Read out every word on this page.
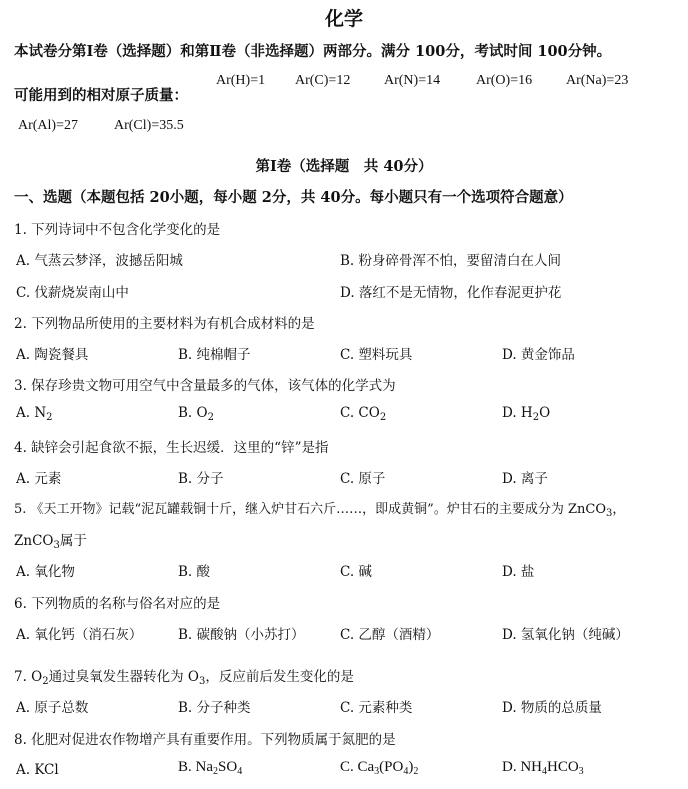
化学
本试卷分第Ⅰ卷（选择题）和第Ⅱ卷（非选择题）两部分。满分 100分，考试时间 100分钟。
可能用到的相对原子质量：
Ar(H)=1 Ar(C)=12 Ar(N)=14	Ar(O)=16 Ar(Na)=23
Ar(Al)=27	Ar(Cl)=35.5
第Ⅰ卷（选择题　共 40分）
一、选题（本题包括 20小题，每小题 2分，共 40分。每小题只有一个选项符合题意）
1. 下列诗词中不包含化学变化的是
A. 气蒸云梦泽，波撼岳阳城	B. 粉身碎骨浑不怕，要留清白在人间
C. 伐薪烧炭南山中	D. 落红不是无情物，化作春泥更护花
2. 下列物品所使用的主要材料为有机合成材料的是
A. 陶瓷餐具	B. 纯棉帽子	C. 塑料玩具	D. 黄金饰品
3. 保存珍贵文物可用空气中含量最多的气体，该气体的化学式为
A. $N_2$	B. $O_2$	C. $CO_2$	D. $H_2O$
4. 缺锌会引起食欲不振，生长迟缓．这里的“锌”是指
A. 元素	B. 分子	C. 原子	D. 离子
5. 《天工开物》记载“泥瓦罐载铜十斤，继入炉甘石六斤……，即成黄铜”。炉甘石的主要成分为 ZnCO$_3$，
ZnCO$_3$属于
A. 氧化物	B. 酸	C. 碱	D. 盐
6. 下列物质的名称与俗名对应的是
A. 氧化钙（消石灰）	B. 碳酸钠（小苏打）	C. 乙醇（酒精）	D. 氢氧化钠（纯碱）
7. $O_2$通过臭氧发生器转化为 $O_3$，反应前后发生变化的是
A. 原子总数	B. 分子种类	C. 元素种类	D. 物质的总质量
8. 化肥对促进农作物增产具有重要作用。下列物质属于氮肥的是
A. KCl	B. $Na_2SO_4$	C. $Ca_3(PO_4)_2$	D. $NH_4HCO_3$
